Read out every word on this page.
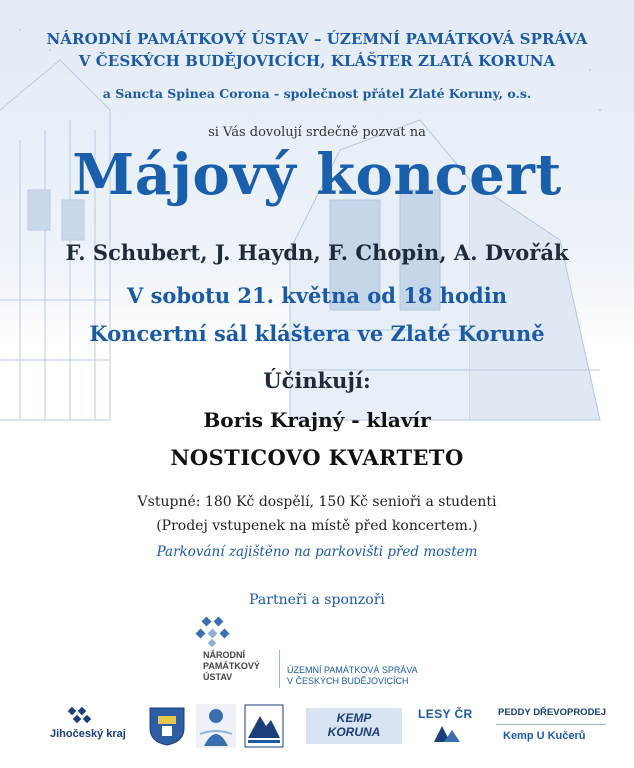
NÁRODNÍ PAMÁTKOVÝ ÚSTAV – ÚZEMNÍ PAMÁTKOVÁ SPRÁVA
V ČESKÝCH BUDĚJOVICÍCH, KLÁŠTER ZLATÁ KORUNA
a Sancta Spinea Corona - společnost přátel Zlaté Koruny, o.s.
si Vás dovolují srdečně pozvat na
Májový koncert
F. Schubert, J. Haydn, F. Chopin, A. Dvořák
V sobotu 21. května od 18 hodin
Koncertní sál kláštera ve Zlaté Koruně
Účinkují:
Boris Krajný - klavír
NOSTICOVO KVARTETO
Vstupné: 180 Kč dospělí, 150 Kč senioři a studenti
(Prodej vstupenek na místě před koncertem.)
Parkování zajištěno na parkovišti před mostem
Partneři a sponzoři
NÁRODNÍ
PAMÁTKOVÝ
ÚSTAV
ÚZEMNÍ PAMÁTKOVÁ SPRÁVA
V ČESKÝCH BUDĚJOVICÍCH
Jihočeský kraj
KEMP
KORUNA
LESY ČR	PEDDY DŘEVOPRODEJ
Kemp U Kučerů
